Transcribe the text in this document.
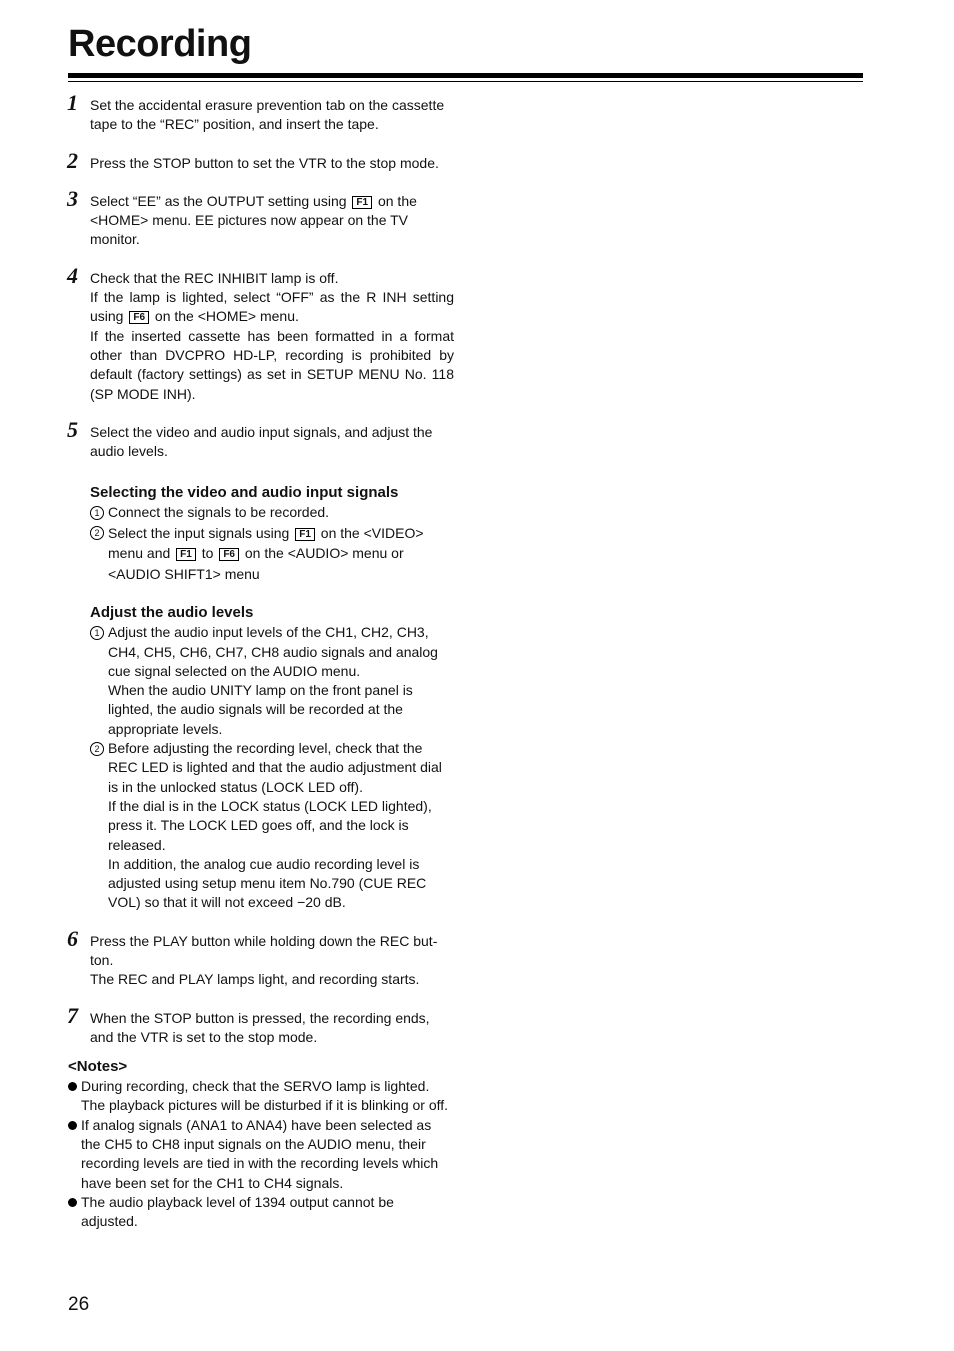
Recording
1 Set the accidental erasure prevention tab on the cassette tape to the “REC” position, and insert the tape.
2 Press the STOP button to set the VTR to the stop mode.
3 Select “EE” as the OUTPUT setting using F1 on the <HOME> menu. EE pictures now appear on the TV monitor.
4 Check that the REC INHIBIT lamp is off.
If the lamp is lighted, select “OFF” as the R INH setting using F6 on the <HOME> menu.
If the inserted cassette has been formatted in a format other than DVCPRO HD-LP, recording is prohibited by default (factory settings) as set in SETUP MENU No. 118 (SP MODE INH).
5 Select the video and audio input signals, and adjust the audio levels.
Selecting the video and audio input signals
1 Connect the signals to be recorded.
2 Select the input signals using F1 on the <VIDEO> menu and F1 to F6 on the <AUDIO> menu or <AUDIO SHIFT1> menu
Adjust the audio levels
1 Adjust the audio input levels of the CH1, CH2, CH3, CH4, CH5, CH6, CH7, CH8 audio signals and analog cue signal selected on the AUDIO menu.
When the audio UNITY lamp on the front panel is lighted, the audio signals will be recorded at the appropriate levels.
2 Before adjusting the recording level, check that the REC LED is lighted and that the audio adjustment dial is in the unlocked status (LOCK LED off).
If the dial is in the LOCK status (LOCK LED lighted), press it. The LOCK LED goes off, and the lock is released.
In addition, the analog cue audio recording level is adjusted using setup menu item No.790 (CUE REC VOL) so that it will not exceed −20 dB.
6 Press the PLAY button while holding down the REC but-ton.
The REC and PLAY lamps light, and recording starts.
7 When the STOP button is pressed, the recording ends, and the VTR is set to the stop mode.
<Notes>
During recording, check that the SERVO lamp is lighted. The playback pictures will be disturbed if it is blinking or off.
If analog signals (ANA1 to ANA4) have been selected as the CH5 to CH8 input signals on the AUDIO menu, their recording levels are tied in with the recording levels which have been set for the CH1 to CH4 signals.
The audio playback level of 1394 output cannot be adjusted.
26
